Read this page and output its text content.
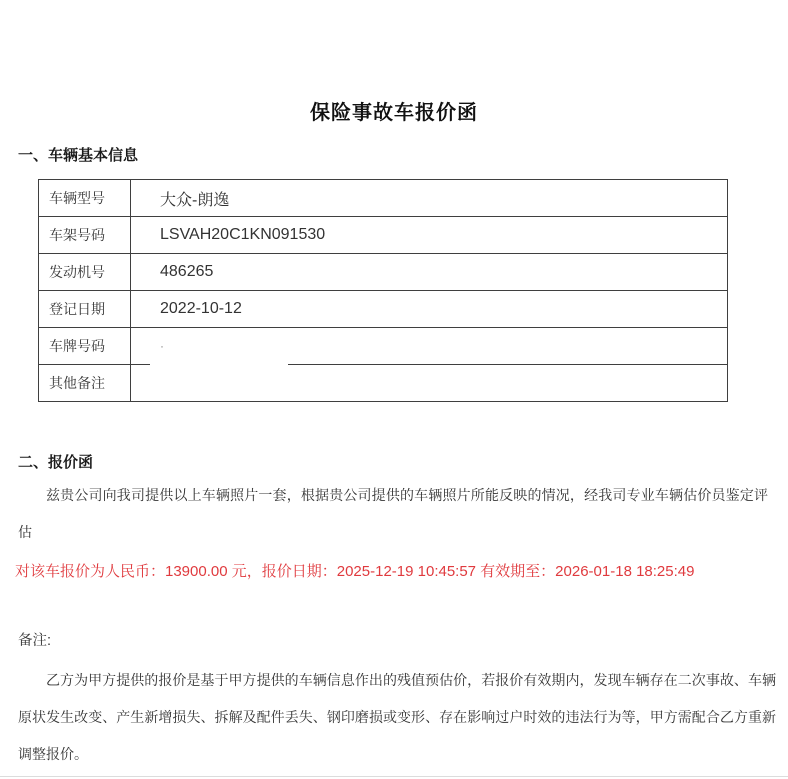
保险事故车报价函
一、车辆基本信息
车辆型号	大众-朗逸
车架号码	LSVAH20C1KN091530
发动机号	486265
登记日期	2022-10-12
车牌号码	·
其他备注	
二、报价函
兹贵公司向我司提供以上车辆照片一套，根据贵公司提供的车辆照片所能反映的情况，经我司专业车辆估价员鉴定评估
对该车报价为人民币：13900.00 元，报价日期：2025-12-19 10:45:57 有效期至：2026-01-18 18:25:49
备注:
乙方为甲方提供的报价是基于甲方提供的车辆信息作出的残值预估价，若报价有效期内，发现车辆存在二次事故、车辆原状发生改变、产生新增损失、拆解及配件丢失、钢印磨损或变形、存在影响过户时效的违法行为等，甲方需配合乙方重新调整报价。
